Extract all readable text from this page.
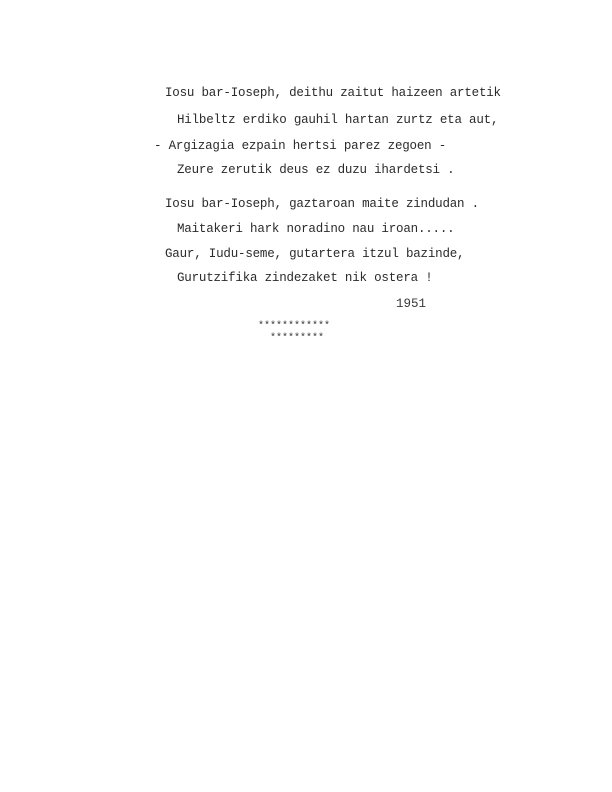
Iosu bar-Ioseph, deithu zaitut haizeen artetik
Hilbeltz erdiko gauhil hartan zurtz eta aut,
- Argizagia ezpain hertsi parez zegoen -
Zeure zerutik deus ez duzu ihardetsi .
Iosu bar-Ioseph, gaztaroan maite zindudan .
Maitakeri hark noradino nau iroan.....
Gaur, Iudu-seme, gutartera itzul bazinde,
Gurutzifika zindezaket nik ostera !
1951
************
*********
